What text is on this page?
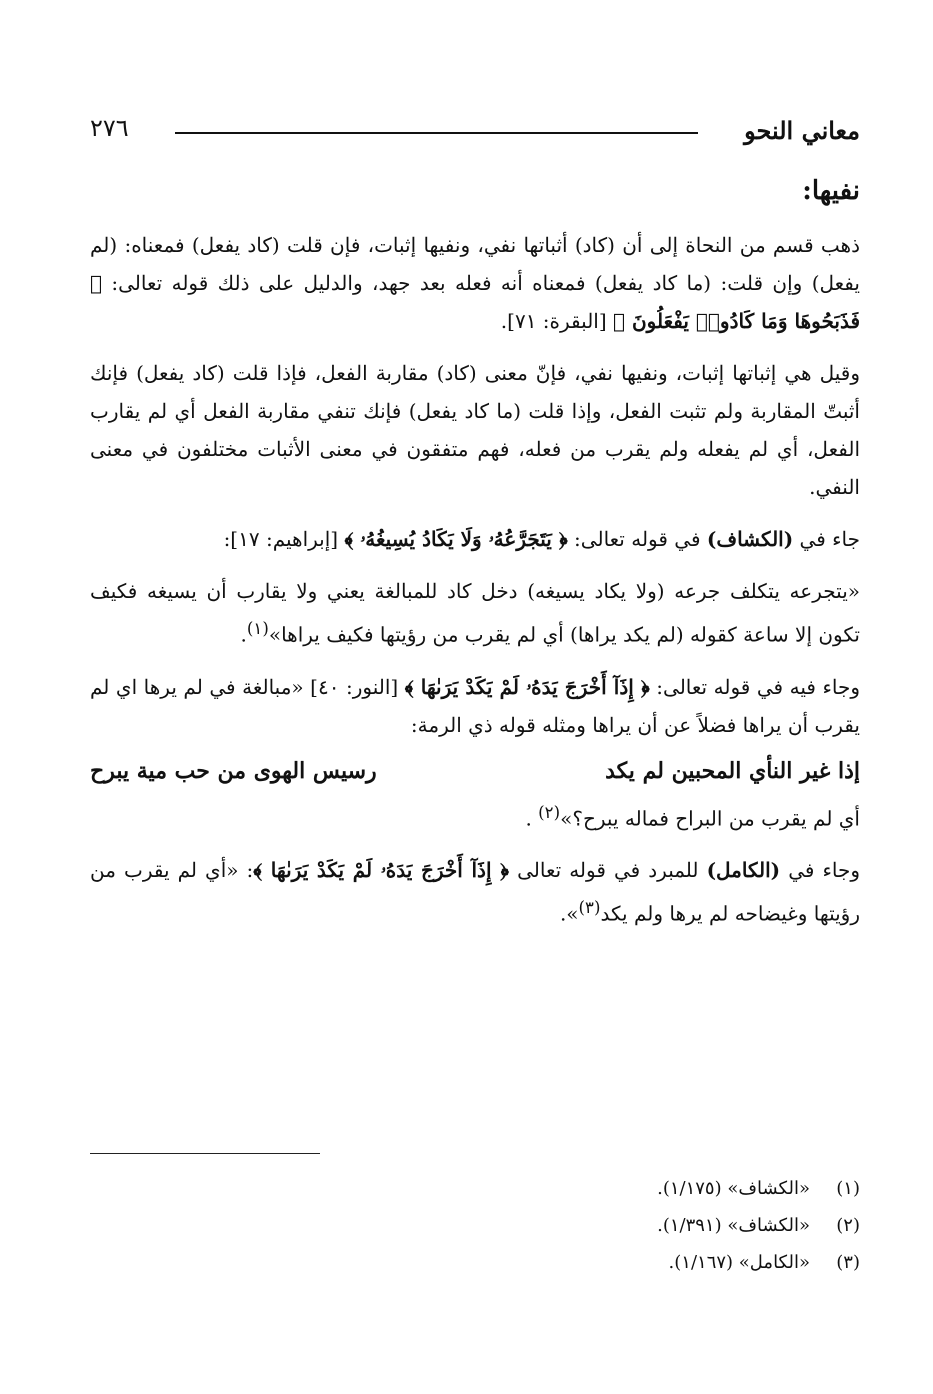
معاني النحو
٢٧٦
نفيها:

ذهب قسم من النحاة إلى أن (كاد) أثباتها نفي، ونفيها إثبات، فإن قلت (كاد يفعل) فمعناه: (لم يفعل) وإن قلت: (ما كاد يفعل) فمعناه أنه فعله بعد جهد، والدليل على ذلك قوله تعالى: ﴿ فَذَبَحُوهَا وَمَا كَادُوا۟ يَفْعَلُونَ ﴾ [البقرة: ٧١].

وقيل هي إثباتها إثبات، ونفيها نفي، فإنّ معنى (كاد) مقاربة الفعل، فإذا قلت (كاد يفعل) فإنك أثبتّ المقاربة ولم تثبت الفعل، وإذا قلت (ما كاد يفعل) فإنك تنفي مقاربة الفعل أي لم يقارب الفعل، أي لم يفعله ولم يقرب من فعله، فهم متفقون في معنى الأثبات مختلفون في معنى النفي.

جاء في (الكشاف) في قوله تعالى: ﴿ يَتَجَرَّعُهُۥ وَلَا يَكَادُ يُسِيغُهُۥ ﴾ [إبراهيم: ١٧]:

«يتجرعه يتكلف جرعه (ولا يكاد يسيغه) دخل كاد للمبالغة يعني ولا يقارب أن يسيغه فكيف تكون إلا ساعة كقوله (لم يكد يراها) أي لم يقرب من رؤيتها فكيف يراها»$^{(١)}$.

وجاء فيه في قوله تعالى: ﴿ إِذَآ أَخْرَجَ يَدَهُۥ لَمْ يَكَدْ يَرَىٰهَا ﴾ [النور: ٤٠] «مبالغة في لم يرها اي لم يقرب أن يراها فضلاً عن أن يراها ومثله قوله ذي الرمة:

إذا غير النأي المحبين لم يكد
رسيس الهوى من حب مية يبرح

أي لم يقرب من البراح فماله يبرح؟»$^{(٢)}$ .

وجاء في (الكامل) للمبرد في قوله تعالى ﴿ إِذَآ أَخْرَجَ يَدَهُۥ لَمْ يَكَدْ يَرَىٰهَا ﴾: «أي لم يقرب من رؤيتها وغيضاحه لم يرها ولم يكد$^{(٣)}$».

(١)«الكشاف» (١/١٧٥).
(٢)«الكشاف» (١/٣٩١).
(٣)«الكامل» (١/١٦٧).
